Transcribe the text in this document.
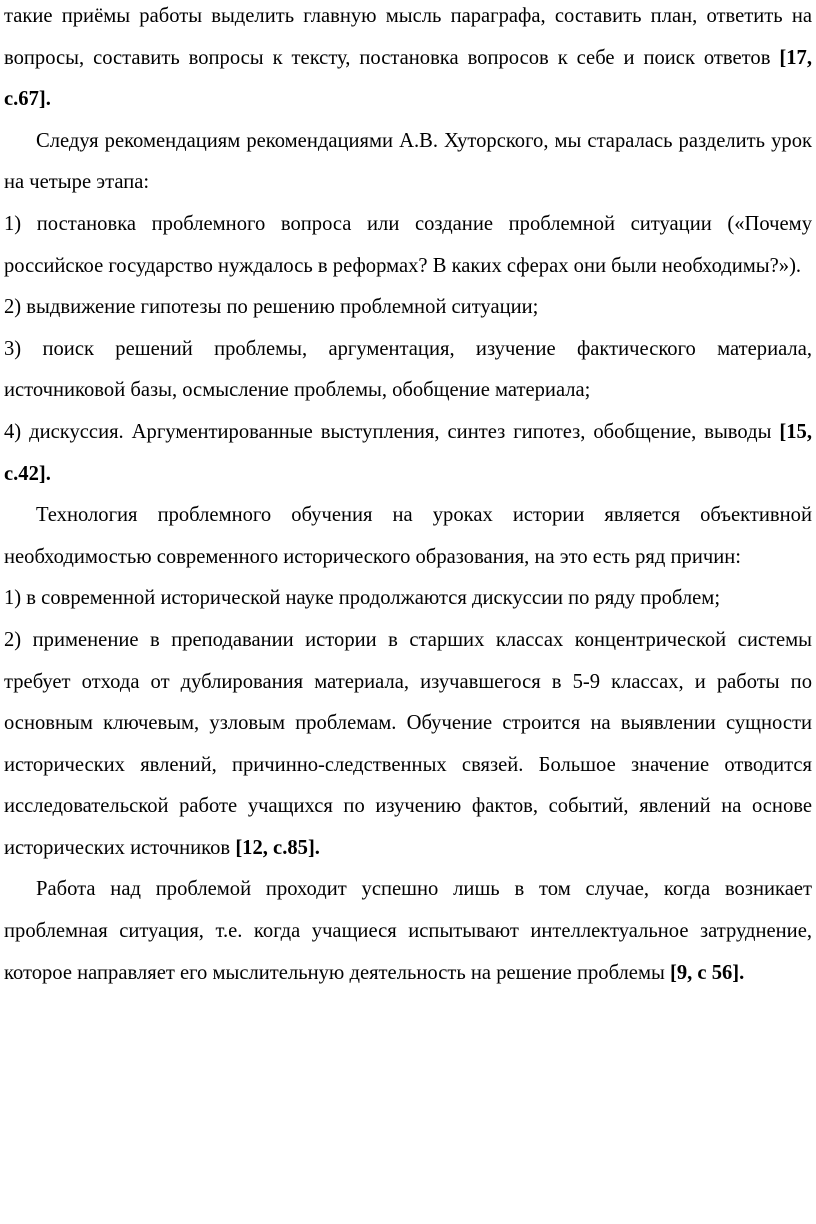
такие приёмы работы выделить главную мысль параграфа, составить план, ответить на вопросы, составить вопросы к тексту, постановка вопросов к себе и поиск ответов [17, с.67].

Следуя рекомендациям рекомендациями А.В. Хуторского, мы старалась разделить урок на четыре этапа:

1) постановка проблемного вопроса или создание проблемной ситуации («Почему российское государство нуждалось в реформах? В каких сферах они были необходимы?»).

2) выдвижение гипотезы по решению проблемной ситуации;

3) поиск решений проблемы, аргументация, изучение фактического материала, источниковой базы, осмысление проблемы, обобщение материала;

4) дискуссия. Аргументированные выступления, синтез гипотез, обобщение, выводы [15, с.42].

Технология проблемного обучения на уроках истории является объективной необходимостью современного исторического образования, на это есть ряд причин:

1) в современной исторической науке продолжаются дискуссии по ряду проблем;

2) применение в преподавании истории в старших классах концентрической системы требует отхода от дублирования материала, изучавшегося в 5-9 классах, и работы по основным ключевым, узловым проблемам. Обучение строится на выявлении сущности исторических явлений, причинно-следственных связей. Большое значение отводится исследовательской работе учащихся по изучению фактов, событий, явлений на основе исторических источников [12, с.85].

Работа над проблемой проходит успешно лишь в том случае, когда возникает проблемная ситуация, т.е. когда учащиеся испытывают интеллектуальное затруднение, которое направляет его мыслительную деятельность на решение проблемы [9, с 56].
